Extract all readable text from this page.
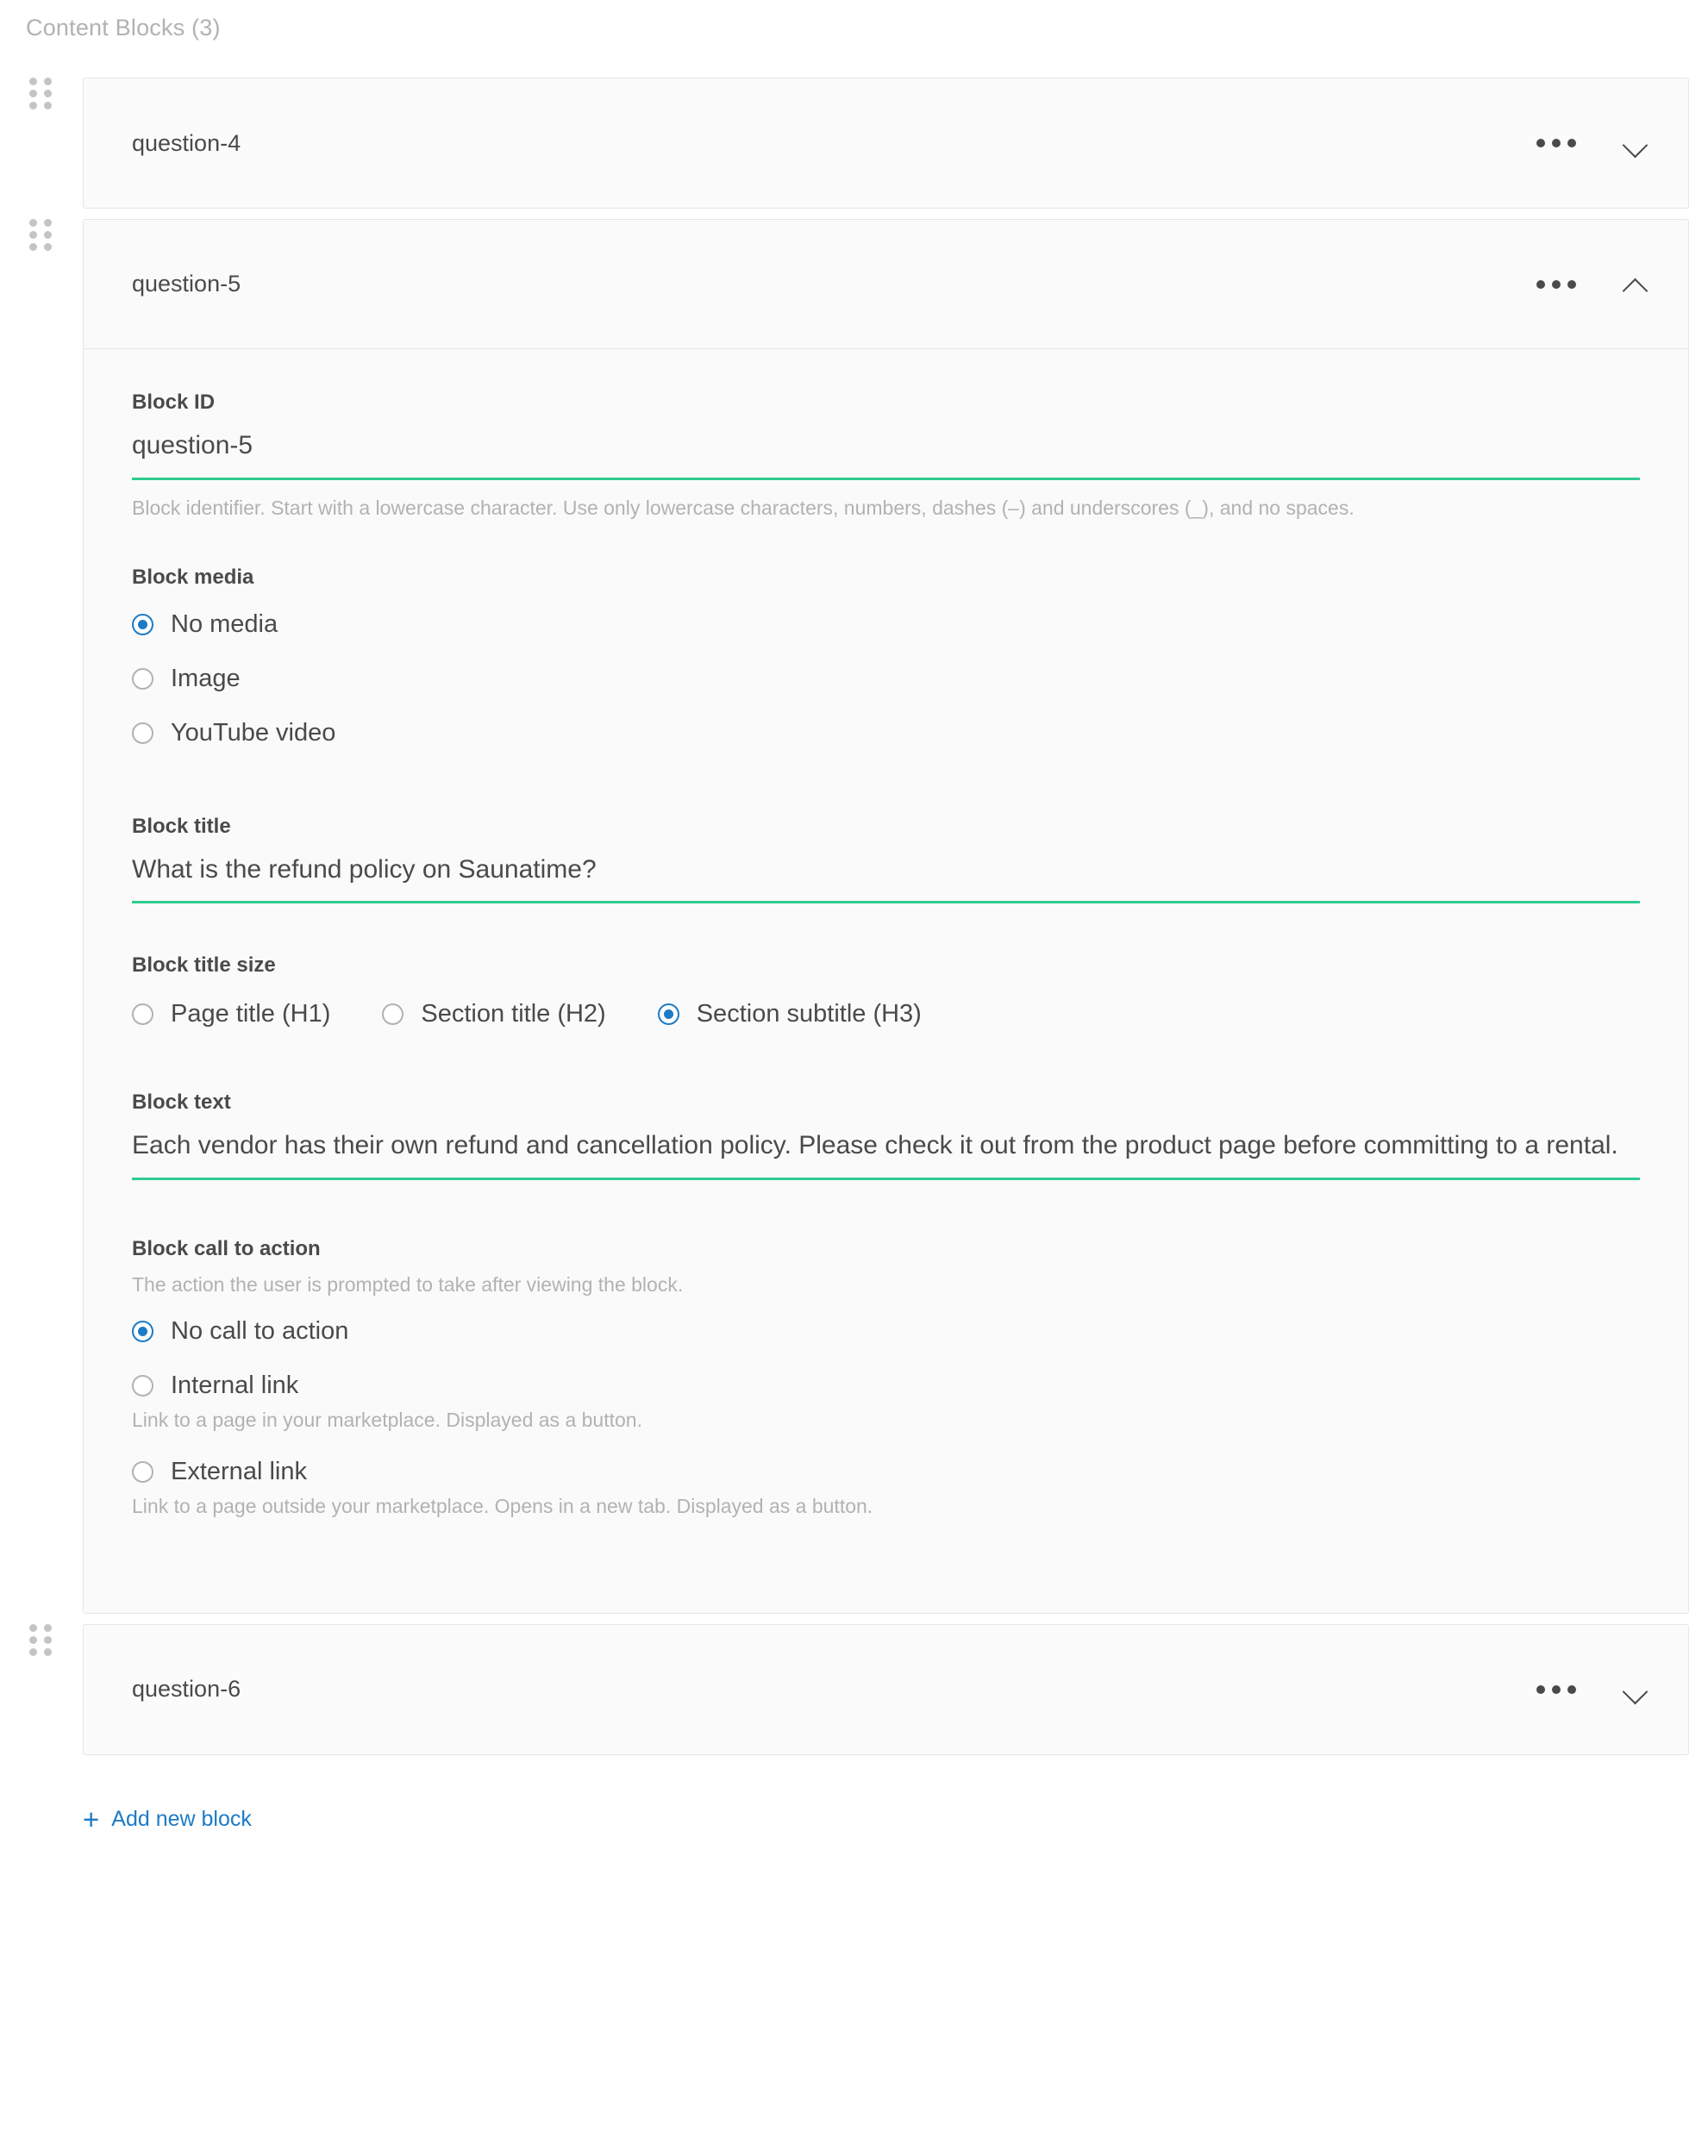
Content Blocks (3)
question-4
question-5
Block ID
question-5
Block identifier. Start with a lowercase character. Use only lowercase characters, numbers, dashes (–) and underscores (_), and no spaces.
Block media
No media
Image
YouTube video
Block title
What is the refund policy on Saunatime?
Block title size
Page title (H1)	Section title (H2)	Section subtitle (H3)
Block text
Each vendor has their own refund and cancellation policy. Please check it out from the product page before committing to a rental.
Block call to action
The action the user is prompted to take after viewing the block.
No call to action
Internal link
Link to a page in your marketplace. Displayed as a button.
External link
Link to a page outside your marketplace. Opens in a new tab. Displayed as a button.
question-6
+ Add new block
